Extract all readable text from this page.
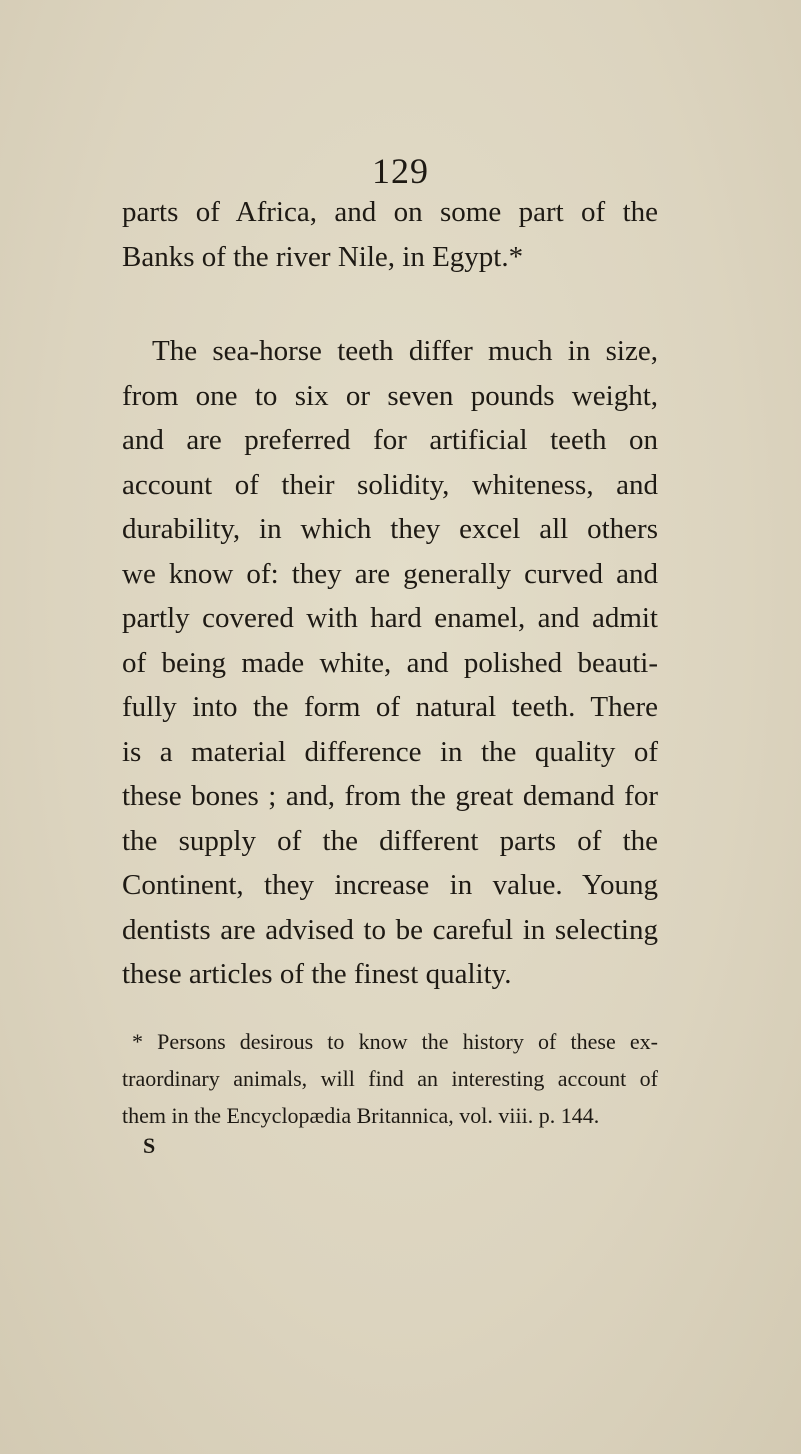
129
parts of Africa, and on some part of the
Banks of the river Nile, in Egypt.*
The sea-horse teeth differ much in size,
from one to six or seven pounds weight,
and are preferred for artificial teeth on
account of their solidity, whiteness, and
durability, in which they excel all others
we know of: they are generally curved and
partly covered with hard enamel, and admit
of being made white, and polished beauti-
fully into the form of natural teeth. There
is a material difference in the quality of
these bones ; and, from the great demand for
the supply of the different parts of the
Continent, they increase in value. Young
dentists are advised to be careful in selecting
these articles of the finest quality.
* Persons desirous to know the history of these ex-
traordinary animals, will find an interesting account of
them in the Encyclopædia Britannica, vol. viii. p. 144.
S
